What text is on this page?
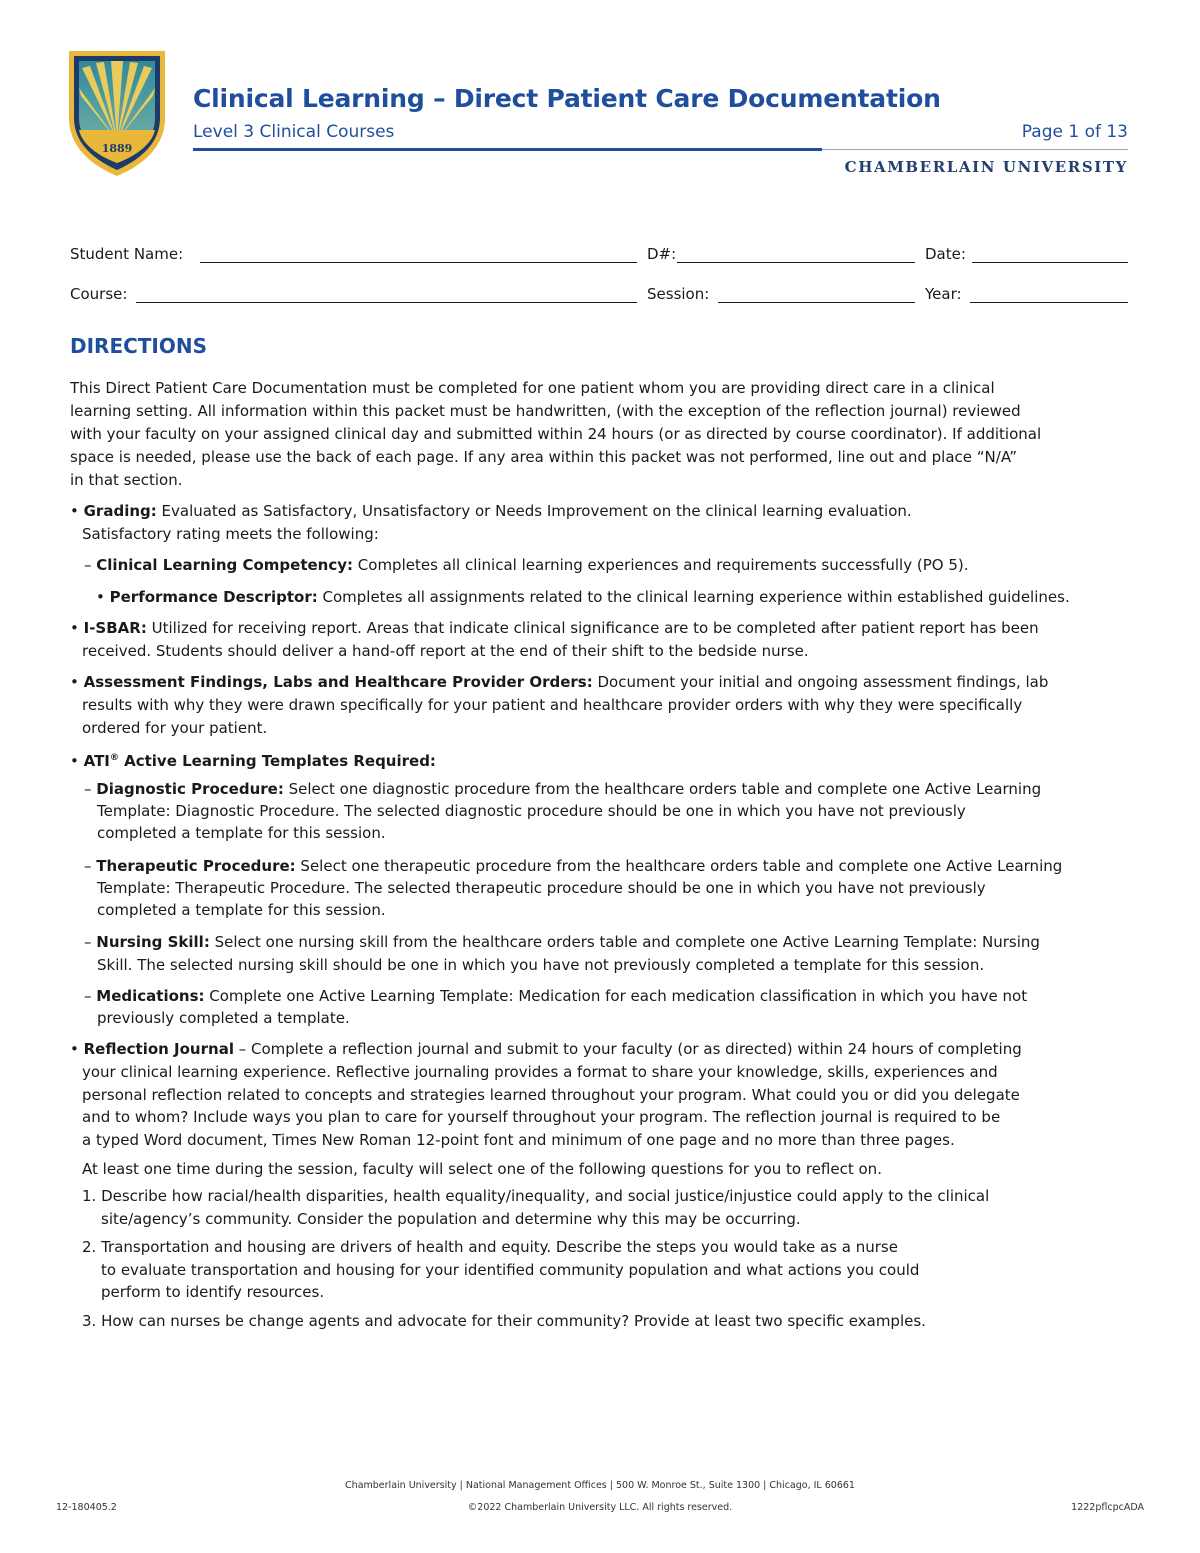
1889
Clinical Learning – Direct Patient Care Documentation
Level 3 Clinical Courses	Page 1 of 13
CHAMBERLAIN UNIVERSITY
Student Name:	D#:	Date:
Course:	Session:	Year:
DIRECTIONS
This Direct Patient Care Documentation must be completed for one patient whom you are providing direct care in a clinical
learning setting. All information within this packet must be handwritten, (with the exception of the reflection journal) reviewed
with your faculty on your assigned clinical day and submitted within 24 hours (or as directed by course coordinator). If additional
space is needed, please use the back of each page. If any area within this packet was not performed, line out and place “N/A”
in that section.
• Grading: Evaluated as Satisfactory, Unsatisfactory or Needs Improvement on the clinical learning evaluation.
Satisfactory rating meets the following:
– Clinical Learning Competency: Completes all clinical learning experiences and requirements successfully (PO 5).
• Performance Descriptor: Completes all assignments related to the clinical learning experience within established guidelines.
• I-SBAR: Utilized for receiving report. Areas that indicate clinical significance are to be completed after patient report has been
received. Students should deliver a hand-off report at the end of their shift to the bedside nurse.
• Assessment Findings, Labs and Healthcare Provider Orders: Document your initial and ongoing assessment findings, lab
results with why they were drawn specifically for your patient and healthcare provider orders with why they were specifically
ordered for your patient.
• ATI® Active Learning Templates Required:
– Diagnostic Procedure: Select one diagnostic procedure from the healthcare orders table and complete one Active Learning
Template: Diagnostic Procedure. The selected diagnostic procedure should be one in which you have not previously
completed a template for this session.
– Therapeutic Procedure: Select one therapeutic procedure from the healthcare orders table and complete one Active Learning
Template: Therapeutic Procedure. The selected therapeutic procedure should be one in which you have not previously
completed a template for this session.
– Nursing Skill: Select one nursing skill from the healthcare orders table and complete one Active Learning Template: Nursing
Skill. The selected nursing skill should be one in which you have not previously completed a template for this session.
– Medications: Complete one Active Learning Template: Medication for each medication classification in which you have not
previously completed a template.
• Reflection Journal – Complete a reflection journal and submit to your faculty (or as directed) within 24 hours of completing
your clinical learning experience. Reflective journaling provides a format to share your knowledge, skills, experiences and
personal reflection related to concepts and strategies learned throughout your program. What could you or did you delegate
and to whom? Include ways you plan to care for yourself throughout your program. The reflection journal is required to be
a typed Word document, Times New Roman 12-point font and minimum of one page and no more than three pages.
At least one time during the session, faculty will select one of the following questions for you to reflect on.
1. Describe how racial/health disparities, health equality/inequality, and social justice/injustice could apply to the clinical
site/agency’s community. Consider the population and determine why this may be occurring.
2. Transportation and housing are drivers of health and equity. Describe the steps you would take as a nurse
to evaluate transportation and housing for your identified community population and what actions you could
perform to identify resources.
3. How can nurses be change agents and advocate for their community? Provide at least two specific examples.
Chamberlain University | National Management Offices | 500 W. Monroe St., Suite 1300 | Chicago, IL 60661
©2022 Chamberlain University LLC. All rights reserved.
12-180405.2	1222pflcpcADA
